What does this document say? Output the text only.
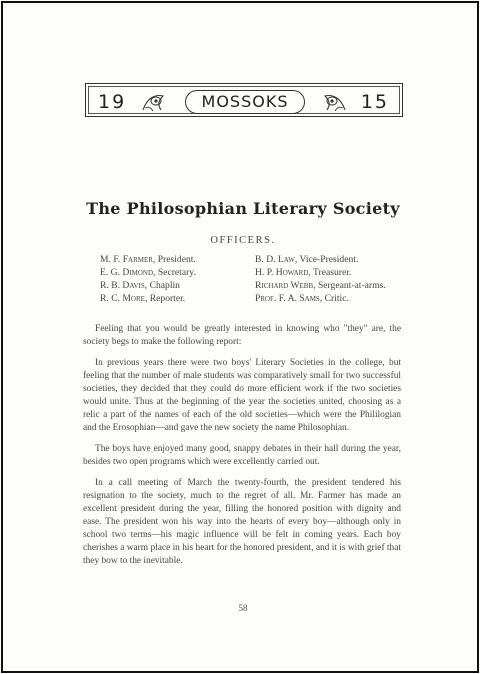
19	MOSSOKS	15
The Philosophian Literary Society
OFFICERS.
M. F. Farmer, President.
E. G. Dimond, Secretary.
R. B. Davis, Chaplin
R. C. More, Reporter.
B. D. Law, Vice-President.
H. P. Howard, Treasurer.
Richard Webb, Sergeant-at-arms.
Prof. F. A. Sams, Critic.

Feeling that you would be greatly interested in knowing who "they" are, the society begs to make the following report:

In previous years there were two boys' Literary Societies in the college, but feeling that the number of male students was comparatively small for two successful societies, they decided that they could do more efficient work if the two societies would unite. Thus at the beginning of the year the societies united, choosing as a relic a part of the names of each of the old societies—which were the Phililogian and the Erosophian—and gave the new society the name Philosophian.

The boys have enjoyed many good, snappy debates in their hall during the year, besides two open programs which were excellently carried out.

In a call meeting of March the twenty-fourth, the president tendered his resignation to the society, much to the regret of all. Mr. Farmer has made an excellent president during the year, filling the honored position with dignity and ease. The president won his way into the hearts of every boy—although only in school two terms—his magic influence will be felt in coming years. Each boy cherishes a warm place in his heart for the honored president, and it is with grief that they bow to the inevitable.

58
